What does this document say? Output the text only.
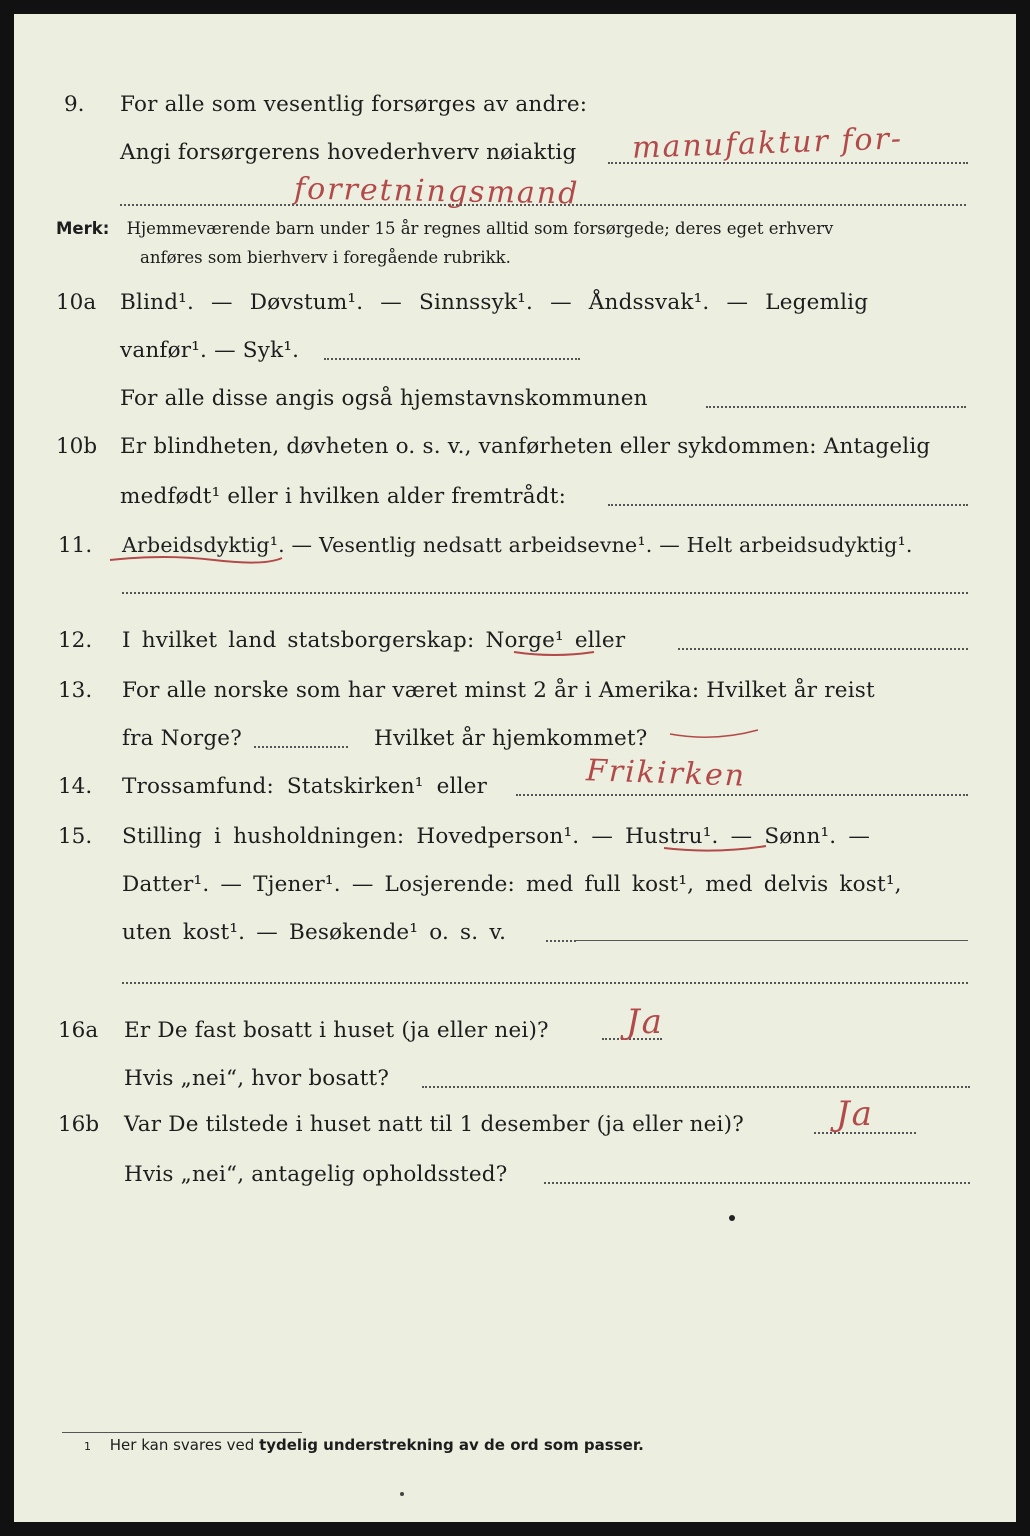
9. For alle som vesentlig forsørges av andre:
Angi forsørgerens hovederhverv nøiaktig manufaktur for-
forretningsmand
Merk: Hjemmeværende barn under 15 år regnes alltid som forsørgede; deres eget erhverv
anføres som bierhverv i foregående rubrikk.
10a Blind¹. — Døvstum¹. — Sinnssyk¹. — Åndssvak¹. — Legemlig
vanfør¹. — Syk¹.
For alle disse angis også hjemstavnskommunen
10b Er blindheten, døvheten o. s. v., vanførheten eller sykdommen: Antagelig
medfødt¹ eller i hvilken alder fremtrådt:
11. Arbeidsdyktig¹. — Vesentlig nedsatt arbeidsevne¹. — Helt arbeidsudyktig¹.
12. I hvilket land statsborgerskap: Norge¹ eller
13. For alle norske som har været minst 2 år i Amerika: Hvilket år reist
fra Norge?	Hvilket år hjemkommet?
14. Trossamfund: Statskirken¹ eller	Frikirken
15. Stilling i husholdningen: Hovedperson¹. — Hustru¹. — Sønn¹. —
Datter¹. — Tjener¹. — Losjerende: med full kost¹, med delvis kost¹,
uten kost¹. — Besøkende¹ o. s. v.
16a Er De fast bosatt i huset (ja eller nei)? Ja
Hvis „nei“, hvor bosatt?
16b Var De tilstede i huset natt til 1 desember (ja eller nei)?	Ja
Hvis „nei“, antagelig opholdssted?
1 Her kan svares ved tydelig understrekning av de ord som passer.
